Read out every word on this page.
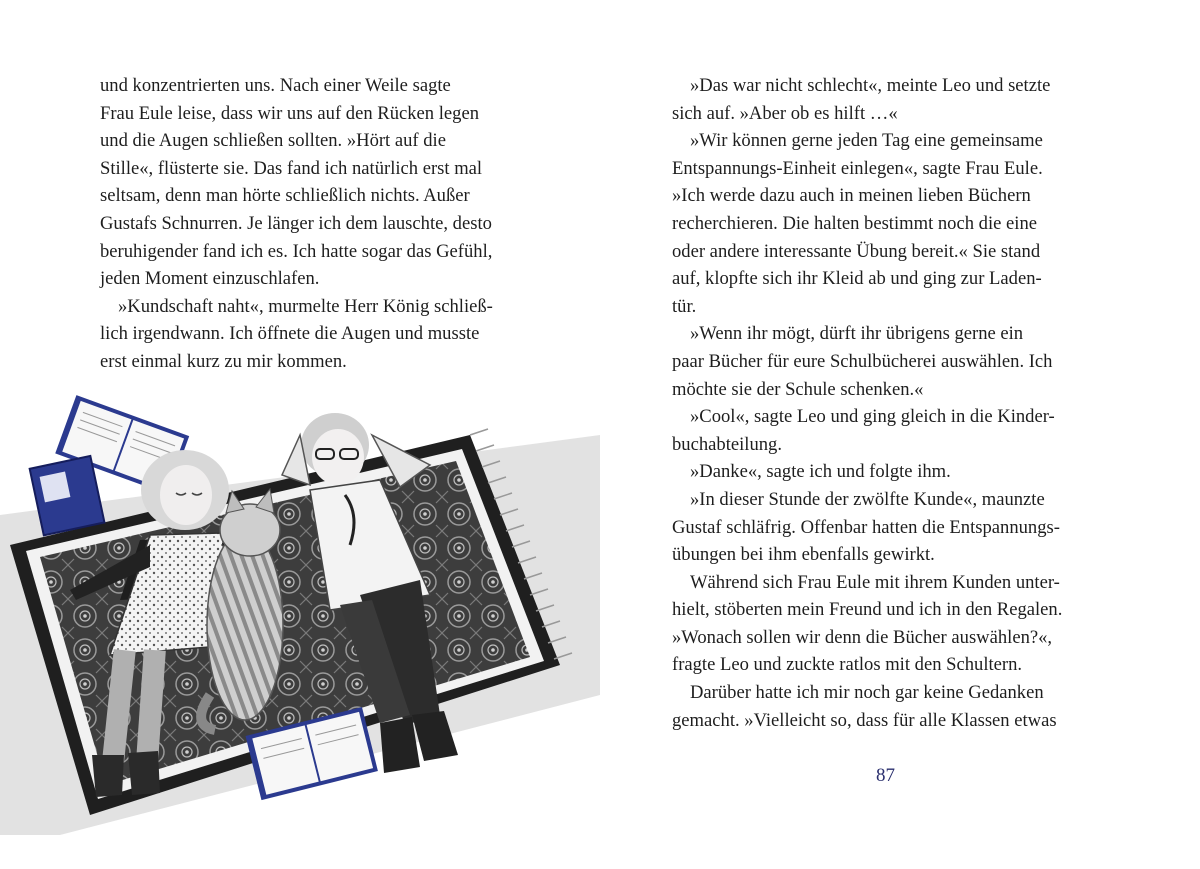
und konzentrierten uns. Nach einer Weile sagte
Frau Eule leise, dass wir uns auf den Rücken legen
und die Augen schließen sollten. »Hört auf die
Stille«, flüsterte sie. Das fand ich natürlich erst mal
seltsam, denn man hörte schließlich nichts. Außer
Gustafs Schnurren. Je länger ich dem lauschte, desto
beruhigender fand ich es. Ich hatte sogar das Gefühl,
jeden Moment einzuschlafen.
»Kundschaft naht«, murmelte Herr König schließ-
lich irgendwann. Ich öffnete die Augen und musste
erst einmal kurz zu mir kommen.
»Das war nicht schlecht«, meinte Leo und setzte
sich auf. »Aber ob es hilft …«
»Wir können gerne jeden Tag eine gemeinsame
Entspannungs-Einheit einlegen«, sagte Frau Eule.
»Ich werde dazu auch in meinen lieben Büchern
recherchieren. Die halten bestimmt noch die eine
oder andere interessante Übung bereit.« Sie stand
auf, klopfte sich ihr Kleid ab und ging zur Laden-
tür.
»Wenn ihr mögt, dürft ihr übrigens gerne ein
paar Bücher für eure Schulbücherei auswählen. Ich
möchte sie der Schule schenken.«
»Cool«, sagte Leo und ging gleich in die Kinder-
buchabteilung.
»Danke«, sagte ich und folgte ihm.
»In dieser Stunde der zwölfte Kunde«, maunzte
Gustaf schläfrig. Offenbar hatten die Entspannungs-
übungen bei ihm ebenfalls gewirkt.
Während sich Frau Eule mit ihrem Kunden unter-
hielt, stöberten mein Freund und ich in den Regalen.
»Wonach sollen wir denn die Bücher auswählen?«,
fragte Leo und zuckte ratlos mit den Schultern.
Darüber hatte ich mir noch gar keine Gedanken
gemacht. »Vielleicht so, dass für alle Klassen etwas
87
